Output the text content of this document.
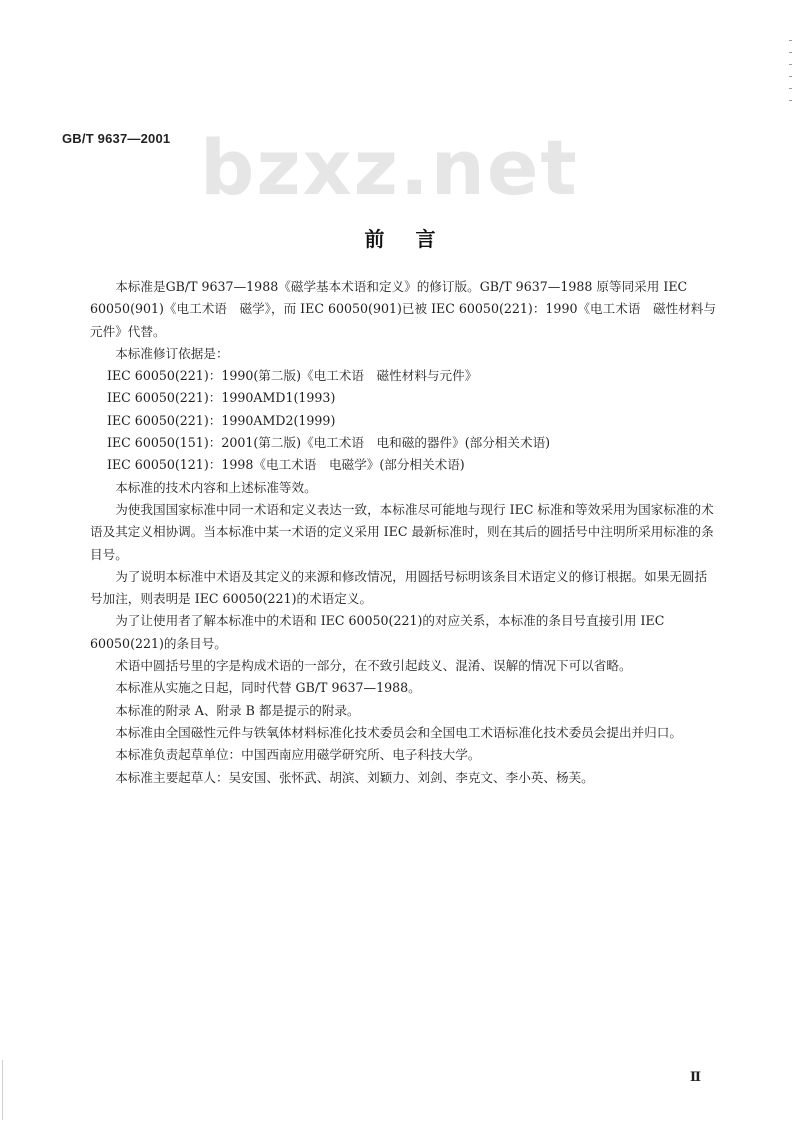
bzxz.net
GB/T 9637—2001
前 言

本标准是GB/T 9637—1988《磁学基本术语和定义》的修订版。GB/T 9637—1988 原等同采用 IEC 60050(901)《电工术语　磁学》，而 IEC 60050(901)已被 IEC 60050(221)：1990《电工术语　磁性材料与元件》代替。

本标准修订依据是：

IEC 60050(221)：1990(第二版)《电工术语　磁性材料与元件》

IEC 60050(221)：1990AMD1(1993)

IEC 60050(221)：1990AMD2(1999)

IEC 60050(151)：2001(第二版)《电工术语　电和磁的器件》(部分相关术语)

IEC 60050(121)：1998《电工术语　电磁学》(部分相关术语)

本标准的技术内容和上述标准等效。

为使我国国家标准中同一术语和定义表达一致，本标准尽可能地与现行 IEC 标准和等效采用为国家标准的术语及其定义相协调。当本标准中某一术语的定义采用 IEC 最新标准时，则在其后的圆括号中注明所采用标准的条目号。

为了说明本标准中术语及其定义的来源和修改情况，用圆括号标明该条目术语定义的修订根据。如果无圆括号加注，则表明是 IEC 60050(221)的术语定义。

为了让使用者了解本标准中的术语和 IEC 60050(221)的对应关系，本标准的条目号直接引用 IEC 60050(221)的条目号。

术语中圆括号里的字是构成术语的一部分，在不致引起歧义、混淆、误解的情况下可以省略。

本标准从实施之日起，同时代替 GB/T 9637—1988。

本标准的附录 A、附录 B 都是提示的附录。

本标准由全国磁性元件与铁氧体材料标准化技术委员会和全国电工术语标准化技术委员会提出并归口。

本标准负责起草单位：中国西南应用磁学研究所、电子科技大学。

本标准主要起草人：吴安国、张怀武、胡滨、刘颖力、刘剑、李克文、李小英、杨芙。

Ⅱ
